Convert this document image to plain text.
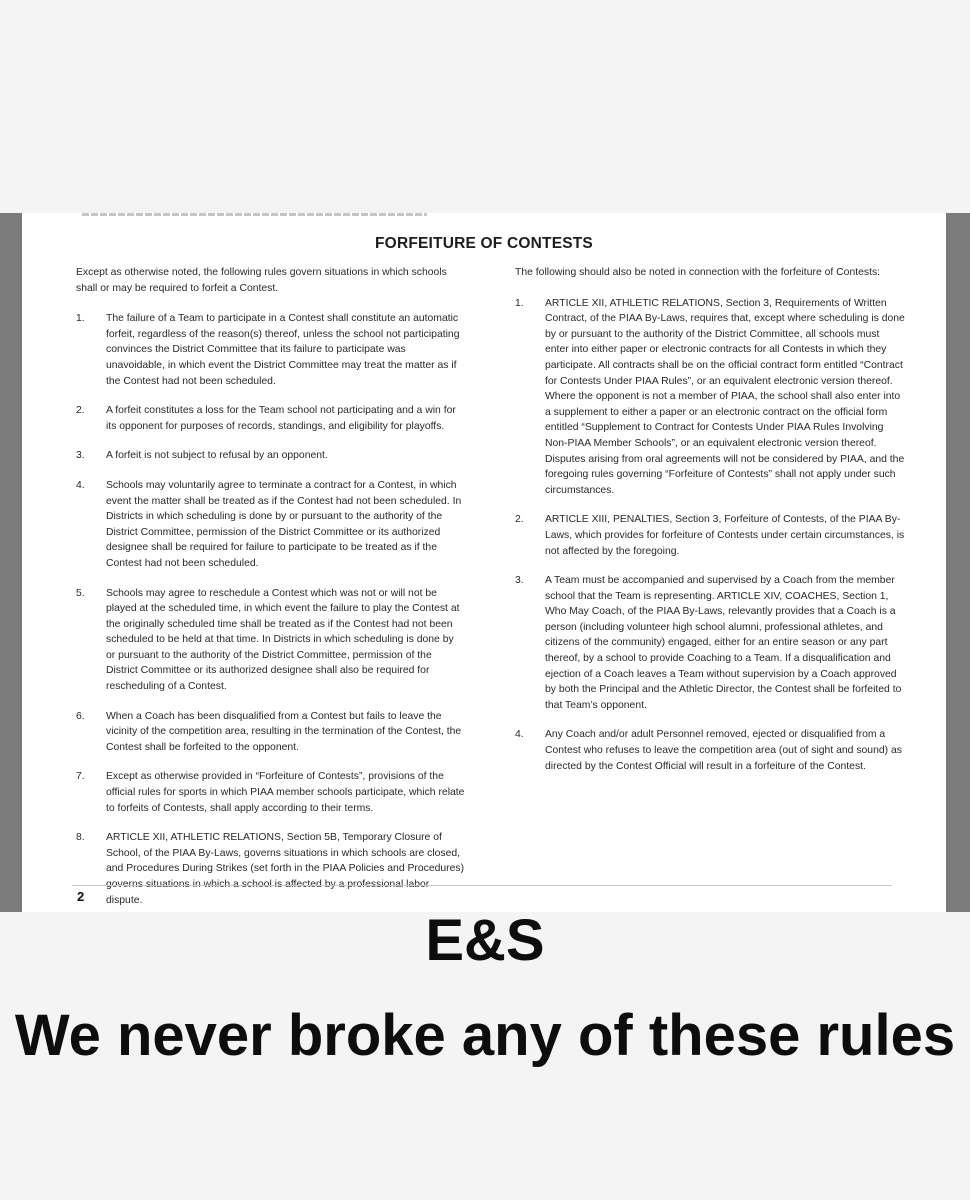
FORFEITURE OF CONTESTS

Except as otherwise noted, the following rules govern situations in which schools shall or may be required to forfeit a Contest.

1.	The failure of a Team to participate in a Contest shall constitute an automatic forfeit, regardless of the reason(s) thereof, unless the school not participating convinces the District Committee that its failure to participate was unavoidable, in which event the District Committee may treat the matter as if the Contest had not been scheduled.
2.	A forfeit constitutes a loss for the Team school not participating and a win for its opponent for purposes of records, standings, and eligibility for playoffs.
3.	A forfeit is not subject to refusal by an opponent.
4.	Schools may voluntarily agree to terminate a contract for a Contest, in which event the matter shall be treated as if the Contest had not been scheduled. In Districts in which scheduling is done by or pursuant to the authority of the District Committee, permission of the District Committee or its authorized designee shall be required for failure to participate to be treated as if the Contest had not been scheduled.
5.	Schools may agree to reschedule a Contest which was not or will not be played at the scheduled time, in which event the failure to play the Contest at the originally scheduled time shall be treated as if the Contest had not been scheduled to be held at that time. In Districts in which scheduling is done by or pursuant to the authority of the District Committee, permission of the District Committee or its authorized designee shall also be required for rescheduling of a Contest.
6.	When a Coach has been disqualified from a Contest but fails to leave the vicinity of the competition area, resulting in the termination of the Contest, the Contest shall be forfeited to the opponent.
7.	Except as otherwise provided in “Forfeiture of Contests”, provisions of the official rules for sports in which PIAA member schools participate, which relate to forfeits of Contests, shall apply according to their terms.
8.	ARTICLE XII, ATHLETIC RELATIONS, Section 5B, Temporary Closure of School, of the PIAA By-Laws, governs situations in which schools are closed, and Procedures During Strikes (set forth in the PIAA Policies and Procedures) dispute.

The following should also be noted in connection with the forfeiture of Contests:

1.	ARTICLE XII, ATHLETIC RELATIONS, Section 3, Requirements of Written Contract, of the PIAA By-Laws, requires that, except where scheduling is done by or pursuant to the authority of the District Committee, all schools must enter into either paper or electronic contracts for all Contests in which they participate. All contracts shall be on the official contract form entitled “Contract for Contests Under PIAA Rules”, or an equivalent electronic version thereof. Where the opponent is not a member of PIAA, the school shall also enter into a supplement to either a paper or an electronic contract on the official form entitled “Supplement to Contract for Contests Under PIAA Rules Involving Non-PIAA Member Schools”, or an equivalent electronic version thereof. Disputes arising from oral agreements will not be considered by PIAA, and the foregoing rules governing “Forfeiture of Contests” shall not apply under such circumstances.
2.	ARTICLE XIII, PENALTIES, Section 3, Forfeiture of Contests, of the PIAA By-Laws, which provides for forfeiture of Contests under certain circumstances, is not affected by the foregoing.
3.	A Team must be accompanied and supervised by a Coach from the member school that the Team is representing. ARTICLE XIV, COACHES, Section 1, Who May Coach, of the PIAA By-Laws, relevantly provides that a Coach is a person (including volunteer high school alumni, professional athletes, and citizens of the community) engaged, either for an entire season or any part thereof, by a school to provide Coaching to a Team. If a disqualification and ejection of a Coach leaves a Team without supervision by a Coach approved by both the Principal and the Athletic Director, the Contest shall be forfeited to that Team’s opponent.
4.	Any Coach and/or adult Personnel removed, ejected or disqualified from a Contest who refuses to leave the competition area (out of sight and sound) as directed by the Contest Official will result in a forfeiture of the Contest.
2
E&S
We never broke any of these rules
